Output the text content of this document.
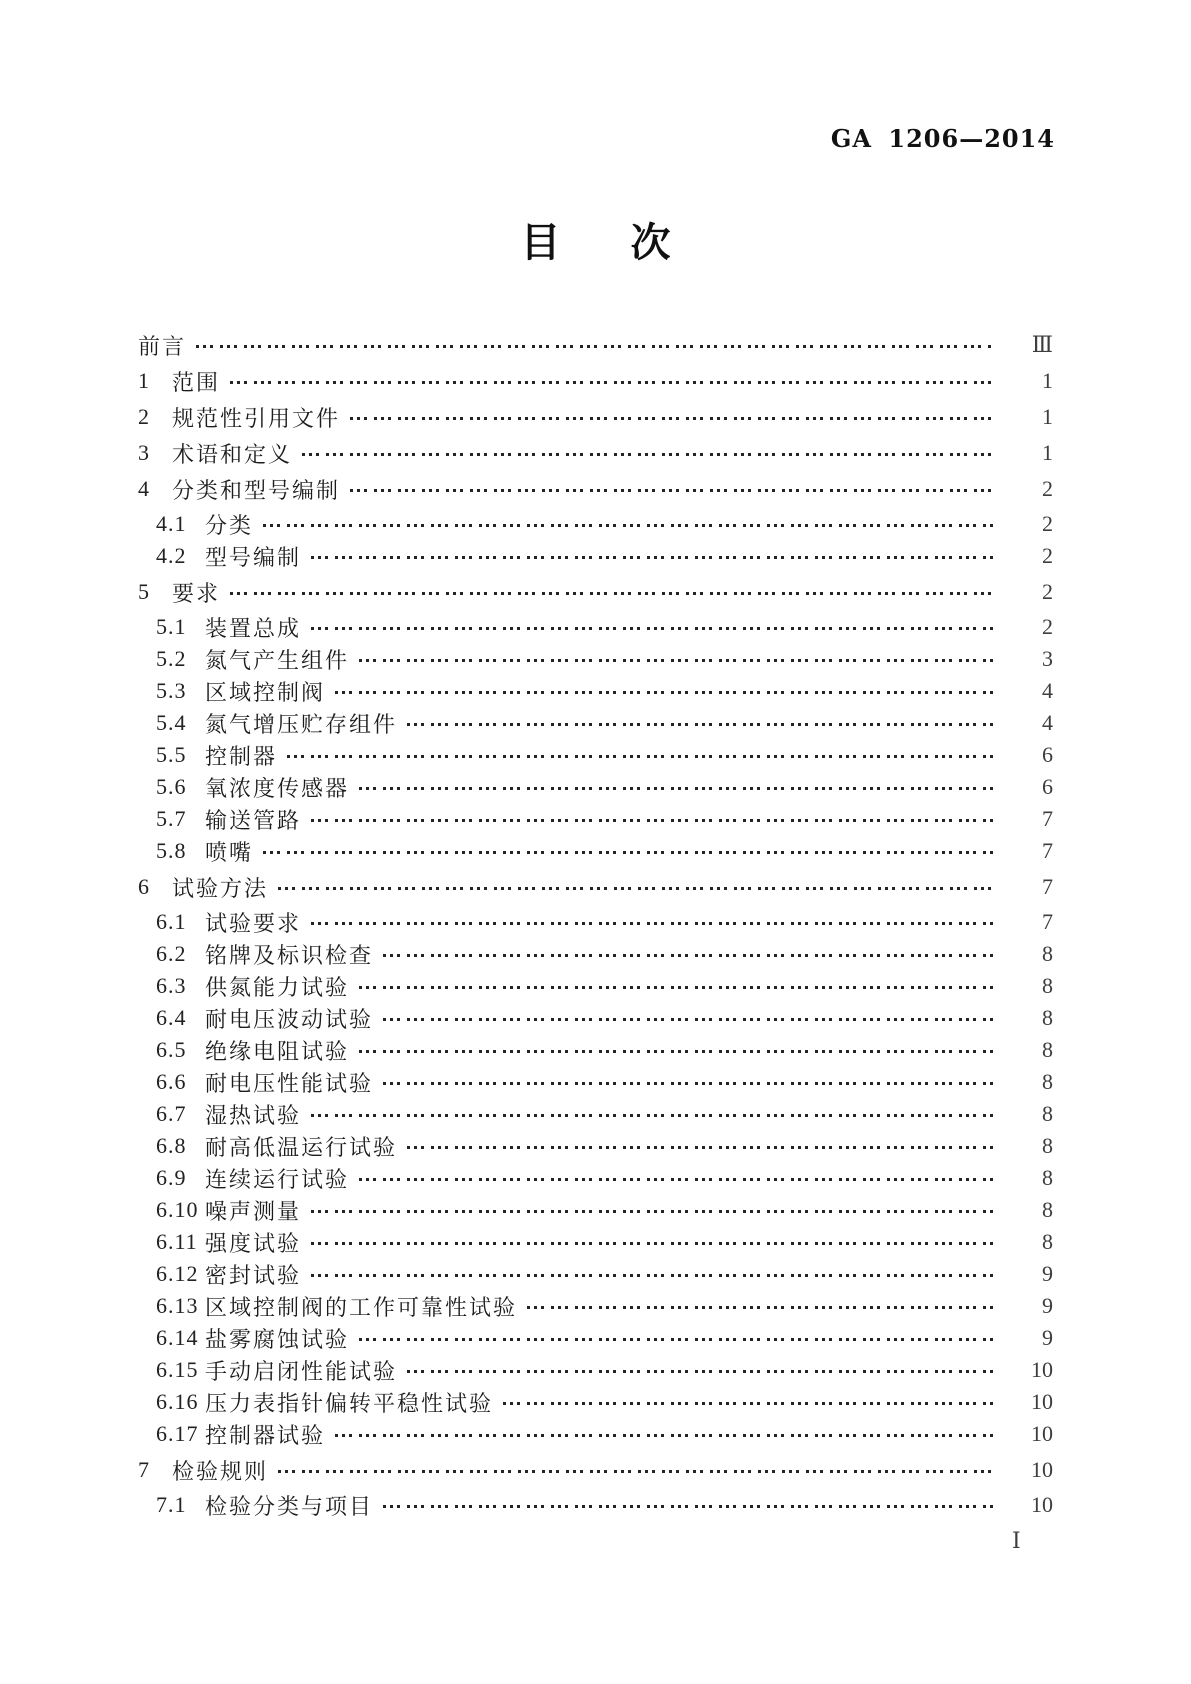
GA 1206—2014
目 次
前言	Ⅲ
1	范围	1
2	规范性引用文件	1
3	术语和定义	1
4	分类和型号编制	2
4.1 分类	2
4.2 型号编制	2
5	要求	2
5.1 装置总成	2
5.2 氮气产生组件	3
5.3 区域控制阀	4
5.4 氮气增压贮存组件	4
5.5 控制器	6
5.6 氧浓度传感器	6
5.7 输送管路	7
5.8 喷嘴	7
6	试验方法	7
6.1 试验要求	7
6.2 铭牌及标识检查	8
6.3 供氮能力试验	8
6.4 耐电压波动试验	8
6.5 绝缘电阻试验	8
6.6 耐电压性能试验	8
6.7 湿热试验	8
6.8 耐高低温运行试验	8
6.9 连续运行试验	8
6.10 噪声测量	8
6.11 强度试验	8
6.12 密封试验	9
6.13 区域控制阀的工作可靠性试验	9
6.14 盐雾腐蚀试验	9
6.15 手动启闭性能试验	10
6.16 压力表指针偏转平稳性试验	10
6.17 控制器试验	10
7	检验规则	10
7.1 检验分类与项目	10
Ⅰ
